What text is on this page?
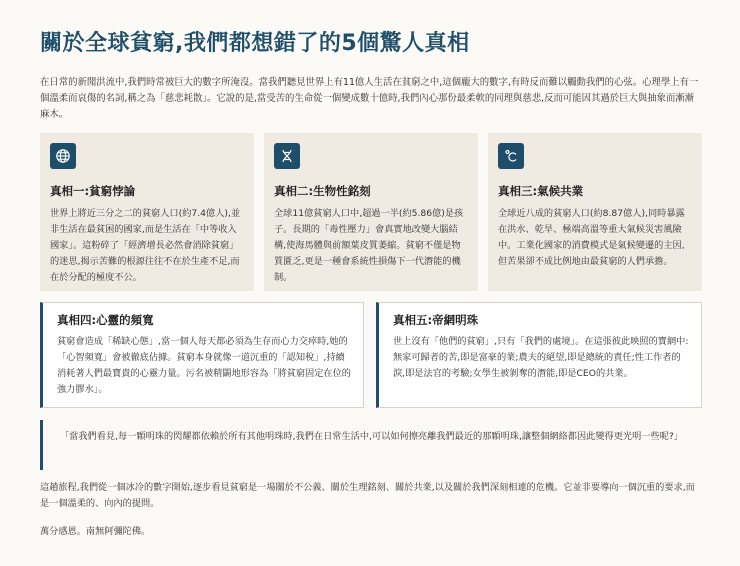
關於全球貧窮,我們都想錯了的5個驚人真相

在日常的新聞洪流中,我們時常被巨大的數字所淹沒。當我們聽見世界上有11億人生活在貧窮之中,這個龐大的數字,有時反而難以觸動我們的心弦。心理學上有一個溫柔而哀傷的名詞,稱之為「慈悲耗散」。它說的是,當受苦的生命從一個變成數十億時,我們內心那份最柔軟的同理與慈悲,反而可能因其過於巨大與抽象而漸漸麻木。

真相一:貧窮悖論
世界上將近三分之二的貧窮人口(約7.4億人),並非生活在最貧困的國家,而是生活在「中等收入國家」。這粉碎了「經濟增長必然會消除貧窮」的迷思,揭示苦難的根源往往不在於生產不足,而在於分配的極度不公。
真相二:生物性銘刻
全球11億貧窮人口中,超過一半(約5.86億)是孩子。長期的「毒性壓力」會真實地改變大腦結構,使海馬體與前額葉皮質萎縮。貧窮不僅是物質匱乏,更是一種會系統性損傷下一代潛能的機制。
真相三:氣候共業
全球近八成的貧窮人口(約8.87億人),同時暴露在洪水、乾旱、極端高溫等重大氣候災害風險中。工業化國家的消費模式是氣候變遷的主因,但苦果卻不成比例地由最貧窮的人們承擔。
真相四:心靈的頻寬
貧窮會造成「稀缺心態」,當一個人每天都必須為生存而心力交瘁時,她的「心智頻寬」會被徹底佔據。貧窮本身就像一道沉重的「認知稅」,持續消耗著人們最寶貴的心靈力量。污名被精闢地形容為「將貧窮固定在位的強力膠水」。
真相五:帝網明珠
世上沒有「他們的貧窮」,只有「我們的處境」。在這張彼此映照的寶網中:無家可歸者的苦,即是富豪的業;農夫的絕望,即是總統的責任;性工作者的淚,即是法官的考驗;女學生被剝奪的潛能,即是CEO的共業。
「當我們看見,每一顆明珠的閃耀都依賴於所有其他明珠時,我們在日常生活中,可以如何擦亮離我們最近的那顆明珠,讓整個網絡都因此變得更光明一些呢?」

這趟旅程,我們從一個冰冷的數字開始,逐步看見貧窮是一場關於不公義、關於生理銘刻、關於共業,以及關於我們深刻相連的危機。它並非要導向一個沉重的要求,而是一個溫柔的、向內的提問。

萬分感恩。南無阿彌陀佛。
